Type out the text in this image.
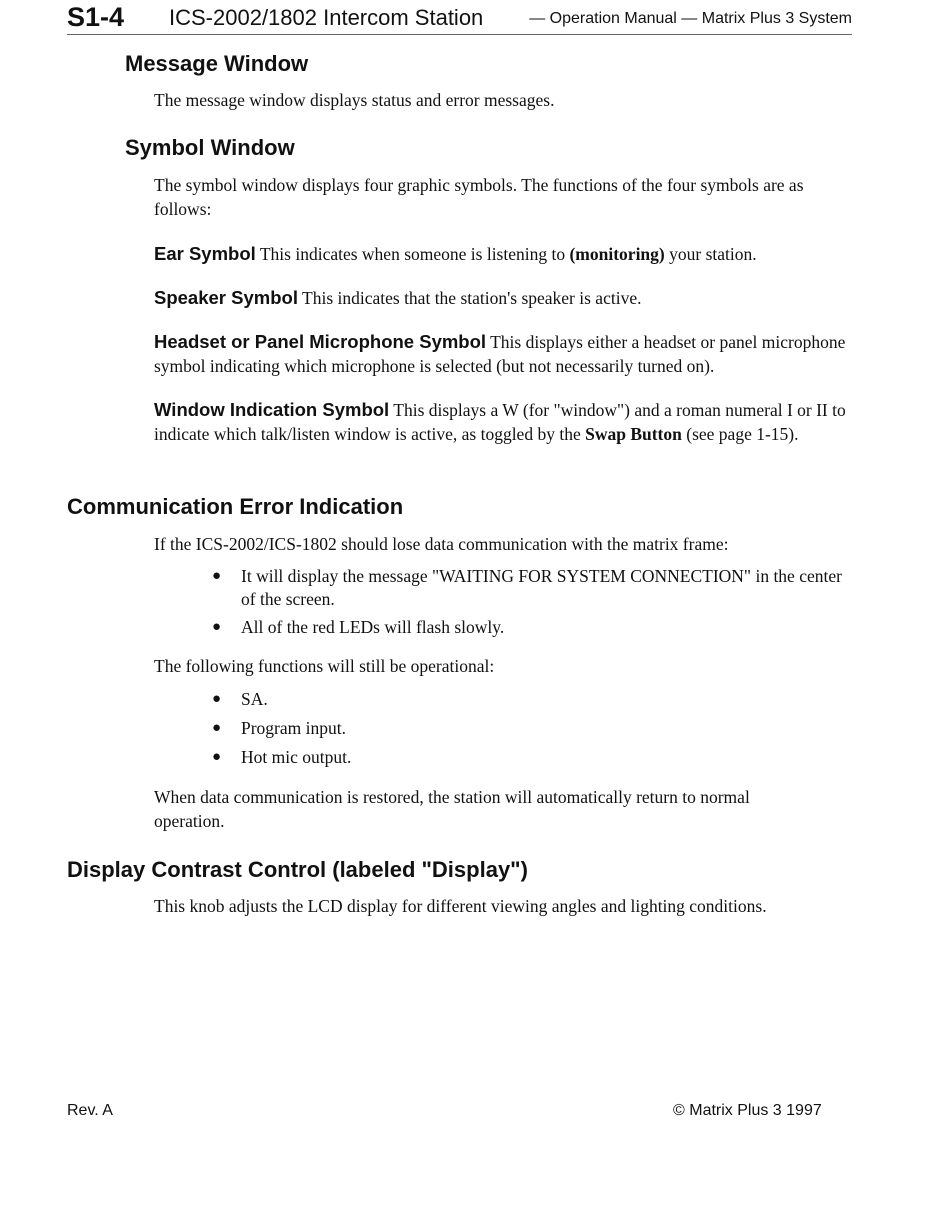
S1-4 ICS-2002/1802 Intercom Station	— Operation Manual — Matrix Plus 3 System
Message Window

The message window displays status and error messages.

Symbol Window

The symbol window displays four graphic symbols. The functions of the four symbols are as follows:

Ear Symbol This indicates when someone is listening to (monitoring) your station.

Speaker Symbol This indicates that the station's speaker is active.

Headset or Panel Microphone Symbol This displays either a headset or panel microphone symbol indicating which microphone is selected (but not necessarily turned on).

Window Indication Symbol This displays a W (for "window") and a roman numeral I or II to indicate which talk/listen window is active, as toggled by the Swap Button (see page 1-15).

Communication Error Indication

If the ICS-2002/ICS-1802 should lose data communication with the matrix frame:

● It will display the message "WAITING FOR SYSTEM CONNECTION" in the center of the screen.
● All of the red LEDs will flash slowly.

The following functions will still be operational:

● SA.
● Program input.
● Hot mic output.

When data communication is restored, the station will automatically return to normal operation.

Display Contrast Control (labeled "Display")

This knob adjusts the LCD display for different viewing angles and lighting conditions.

Rev. A	© Matrix Plus 3 1997
